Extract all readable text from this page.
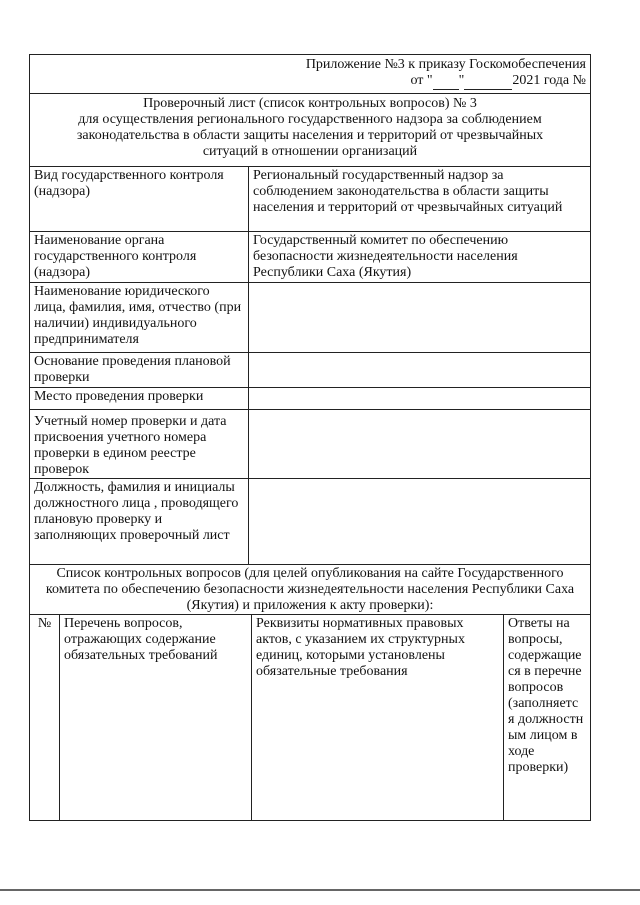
Приложение №3 к приказу Госкомобеспечения
от " "	2021 года №
Проверочный лист (список контрольных вопросов) № 3
для осуществления регионального государственного надзора за соблюдением
законодательства в области защиты населения и территорий от чрезвычайных
ситуаций в отношении организаций
Вид государственного контроля (надзора)
Региональный государственный надзор за соблюдением законодательства в области защиты населения и территорий от чрезвычайных ситуаций
Наименование органа государственного контроля (надзора)
Государственный комитет по обеспечению безопасности жизнедеятельности населения Республики Саха (Якутия)
Наименование юридического лица, фамилия, имя, отчество (при наличии) индивидуального предпринимателя
Основание проведения плановой проверки
Место проведения проверки
Учетный номер проверки и дата присвоения учетного номера проверки в едином реестре проверок
Должность, фамилия и инициалы должностного лица , проводящего плановую проверку и заполняющих проверочный лист
Список контрольных вопросов (для целей опубликования на сайте Государственного комитета по обеспечению безопасности жизнедеятельности населения Республики Саха (Якутия) и приложения к акту проверки):
№ Перечень вопросов, отражающих содержание обязательных требований
Реквизиты нормативных правовых актов, с указанием их структурных единиц, которыми установлены обязательные требования
Ответы на вопросы, содержащие ся в перечне вопросов (заполняетс я должностн ым лицом в ходе проверки)
